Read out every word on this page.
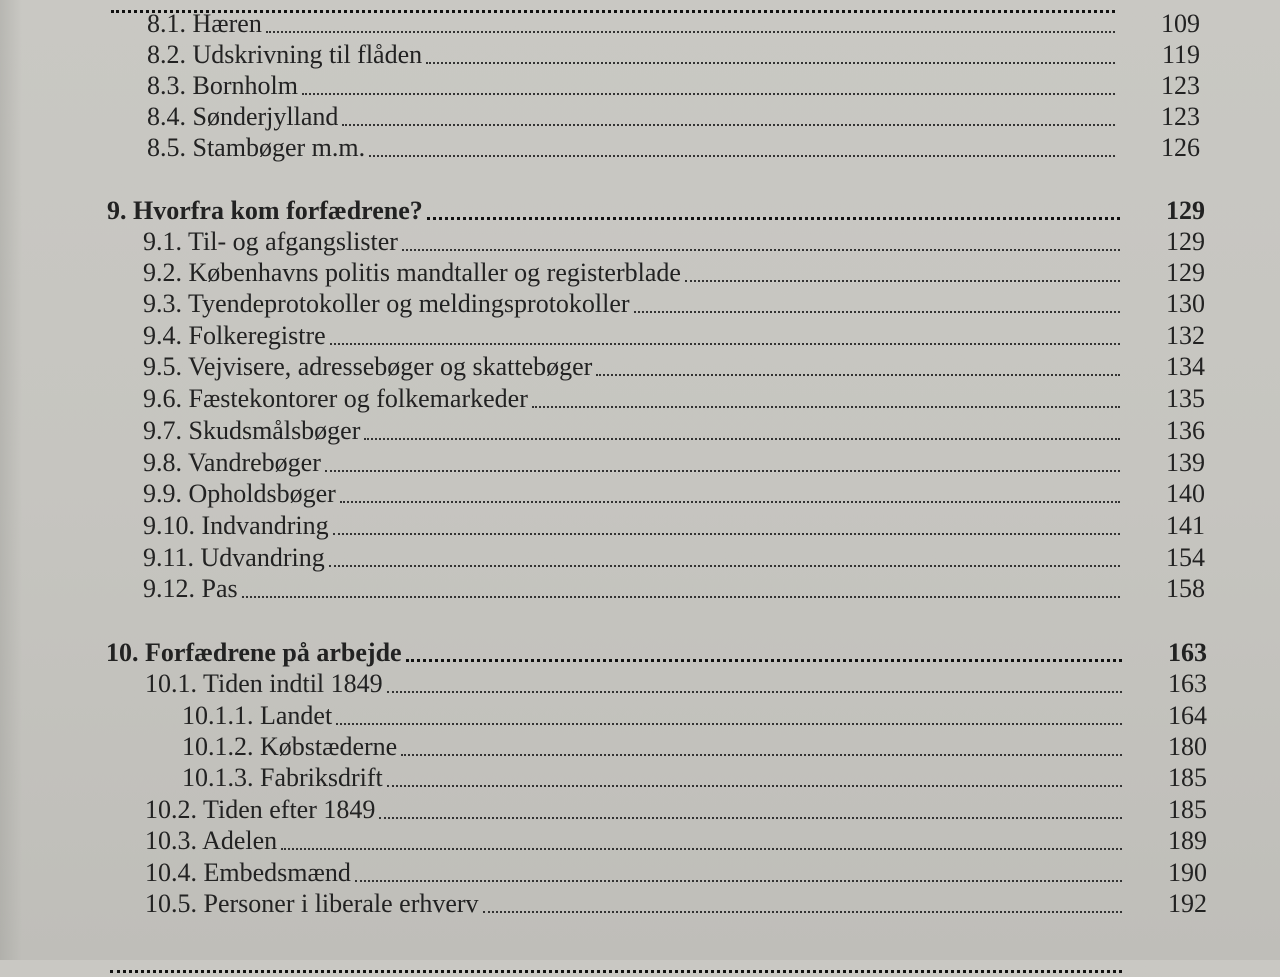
8.1. Hæren	109
8.2. Udskrivning til flåden	119
8.3. Bornholm	123
8.4. Sønderjylland	123
8.5. Stambøger m.m.	126
9. Hvorfra kom forfædrene?	129
9.1. Til- og afgangslister	129
9.2. Københavns politis mandtaller og registerblade	129
9.3. Tyendeprotokoller og meldingsprotokoller	130
9.4. Folkeregistre	132
9.5. Vejvisere, adressebøger og skattebøger	134
9.6. Fæstekontorer og folkemarkeder	135
9.7. Skudsmålsbøger	136
9.8. Vandrebøger	139
9.9. Opholdsbøger	140
9.10. Indvandring	141
9.11. Udvandring	154
9.12. Pas	158
10. Forfædrene på arbejde	163
10.1. Tiden indtil 1849	163
10.1.1. Landet	164
10.1.2. Købstæderne	180
10.1.3. Fabriksdrift	185
10.2. Tiden efter 1849	185
10.3. Adelen	189
10.4. Embedsmænd	190
10.5. Personer i liberale erhverv	192
